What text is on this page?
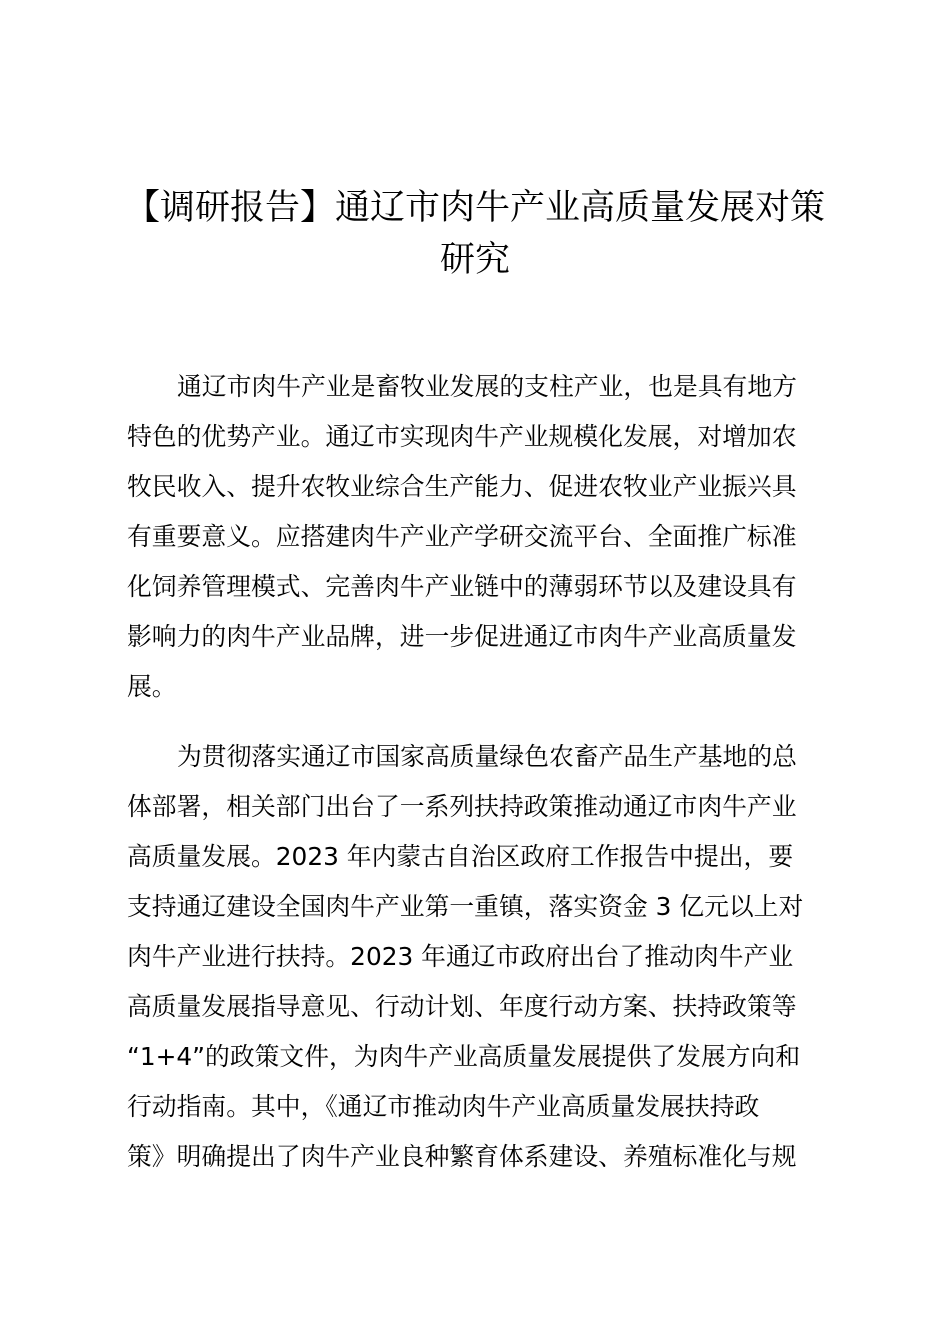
【调研报告】通辽市肉牛产业高质量发展对策
研究

通辽市肉牛产业是畜牧业发展的支柱产业，也是具有地方
特色的优势产业。通辽市实现肉牛产业规模化发展，对增加农
牧民收入、提升农牧业综合生产能力、促进农牧业产业振兴具
有重要意义。应搭建肉牛产业产学研交流平台、全面推广标准
化饲养管理模式、完善肉牛产业链中的薄弱环节以及建设具有
影响力的肉牛产业品牌，进一步促进通辽市肉牛产业高质量发
展。

为贯彻落实通辽市国家高质量绿色农畜产品生产基地的总
体部署，相关部门出台了一系列扶持政策推动通辽市肉牛产业
高质量发展。2023 年内蒙古自治区政府工作报告中提出，要
支持通辽建设全国肉牛产业第一重镇，落实资金 3 亿元以上对
肉牛产业进行扶持。2023 年通辽市政府出台了推动肉牛产业
高质量发展指导意见、行动计划、年度行动方案、扶持政策等
“1+4”的政策文件，为肉牛产业高质量发展提供了发展方向和
行动指南。其中，《通辽市推动肉牛产业高质量发展扶持政
策》明确提出了肉牛产业良种繁育体系建设、养殖标准化与规
